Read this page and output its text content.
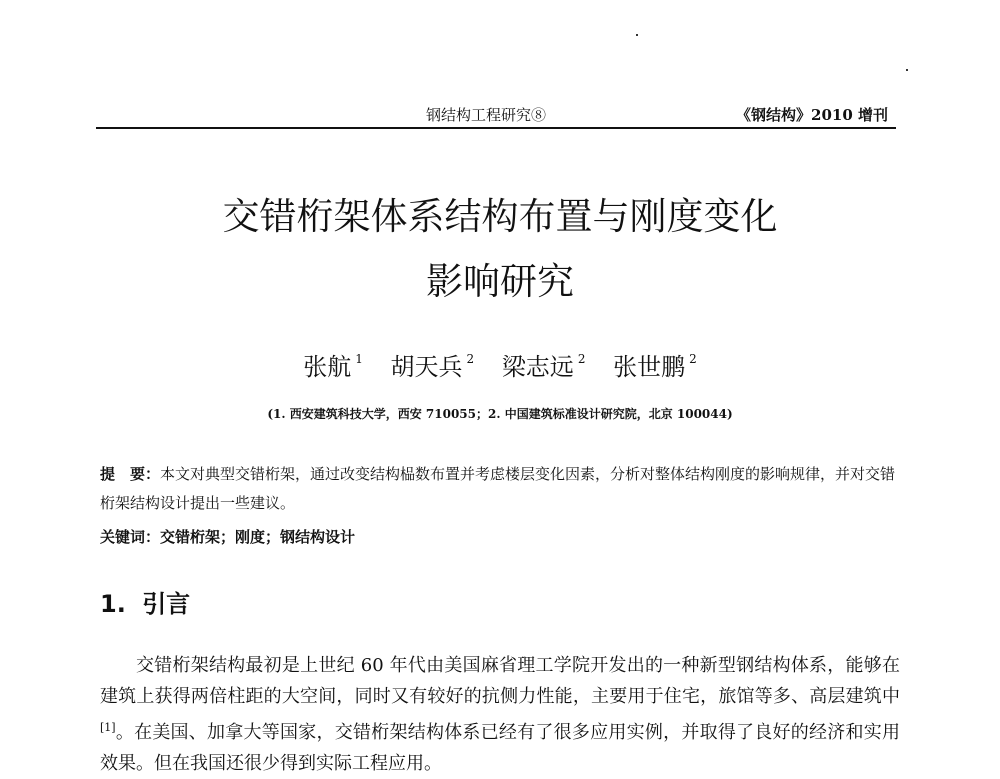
钢结构工程研究⑧	《钢结构》2010 增刊
交错桁架体系结构布置与刚度变化
影响研究
张航 $^1$ 胡天兵 $^2$ 梁志远 $^2$ 张世鹏 $^2$
(1. 西安建筑科技大学，西安 710055；2. 中国建筑标准设计研究院，北京 100044)
提　要：本文对典型交错桁架，通过改变结构榀数布置并考虑楼层变化因素，分析对整体结构刚度的影响规律，并对交错桁架结构设计提出一些建议。
关键词：交错桁架；刚度；钢结构设计
1. 引言
交错桁架结构最初是上世纪 60 年代由美国麻省理工学院开发出的一种新型钢结构体系，能够在建筑上获得两倍柱距的大空间，同时又有较好的抗侧力性能，主要用于住宅，旅馆等多、高层建筑中[1]。在美国、加拿大等国家，交错桁架结构体系已经有了很多应用实例，并取得了良好的经济和实用效果。但在我国还很少得到实际工程应用。
